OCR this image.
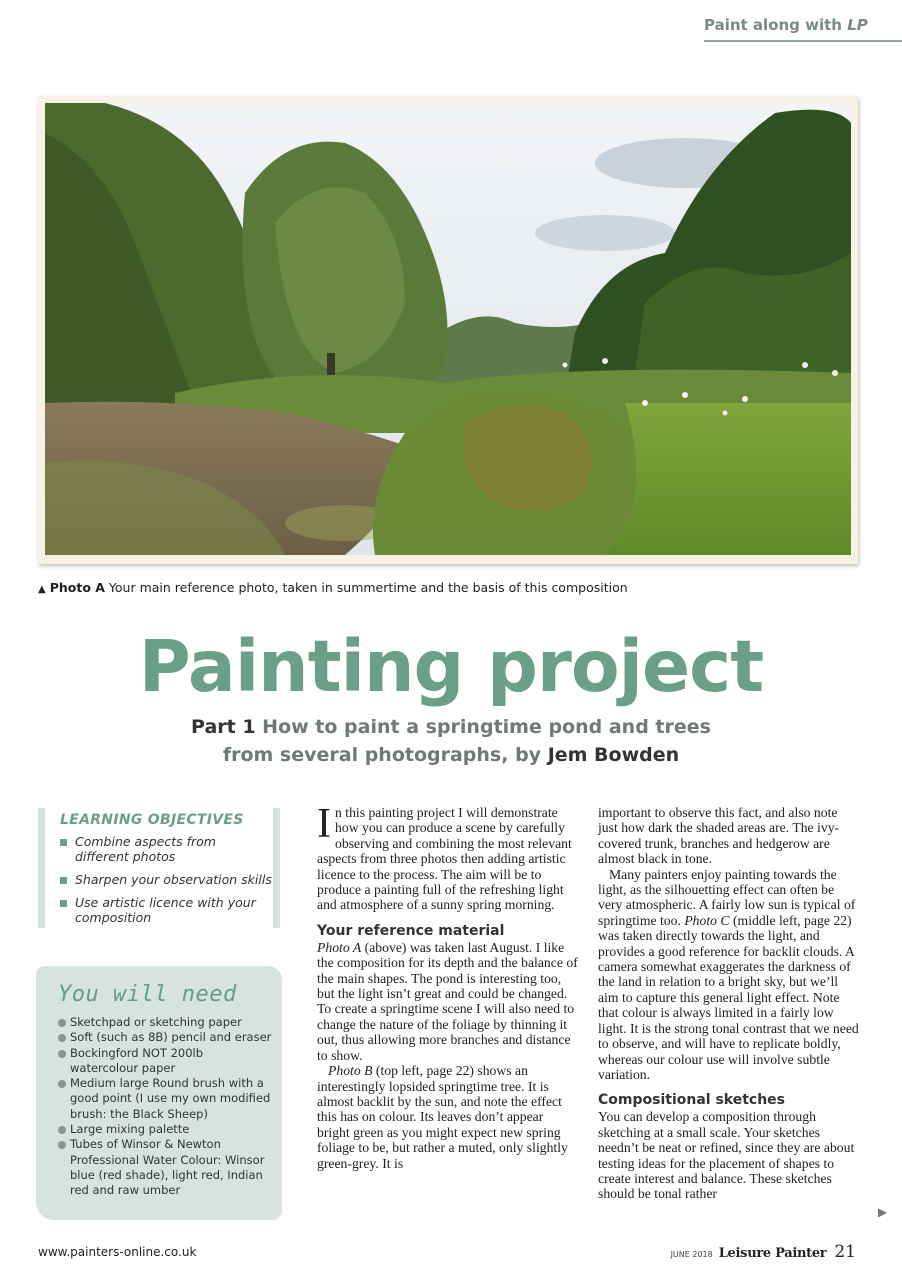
Paint along with LP
▲ Photo A Your main reference photo, taken in summertime and the basis of this composition
Painting project
Part 1 How to paint a springtime pond and trees
from several photographs, by Jem Bowden
LEARNING OBJECTIVES
Combine aspects from different photos
Sharpen your observation skills
Use artistic licence with your composition
You will need
Sketchpad or sketching paper
Soft (such as 8B) pencil and eraser
Bockingford NOT 200lb watercolour paper
Medium large Round brush with a good point (I use my own modified brush: the Black Sheep)
Large mixing palette
Tubes of Winsor & Newton Professional Water Colour: Winsor blue (red shade), light red, Indian red and raw umber

In this painting project I will demonstrate how you can produce a scene by carefully observing and combining the most relevant aspects from three photos then adding artistic licence to the process. The aim will be to produce a painting full of the refreshing light and atmosphere of a sunny spring morning.

Your reference material

Photo A (above) was taken last August. I like the composition for its depth and the balance of the main shapes. The pond is interesting too, but the light isn’t great and could be changed. To create a springtime scene I will also need to change the nature of the foliage by thinning it out, thus allowing more branches and distance to show.

Photo B (top left, page 22) shows an interestingly lopsided springtime tree. It is almost backlit by the sun, and note the effect this has on colour. Its leaves don’t appear bright green as you might expect new spring foliage to be, but rather a muted, only slightly green-grey. It is

important to observe this fact, and also note just how dark the shaded areas are. The ivy-covered trunk, branches and hedgerow are almost black in tone.

Many painters enjoy painting towards the light, as the silhouetting effect can often be very atmospheric. A fairly low sun is typical of springtime too. Photo C (middle left, page 22) was taken directly towards the light, and provides a good reference for backlit clouds. A camera somewhat exaggerates the darkness of the land in relation to a bright sky, but we’ll aim to capture this general light effect. Note that colour is always limited in a fairly low light. It is the strong tonal contrast that we need to observe, and will have to replicate boldly, whereas our colour use will involve subtle variation.

Compositional sketches

You can develop a composition through sketching at a small scale. Your sketches needn’t be neat or refined, since they are about testing ideas for the placement of shapes to create interest and balance. These sketches should be tonal rather

▶
www.painters-online.co.uk	JUNE 2018 Leisure Painter 21
